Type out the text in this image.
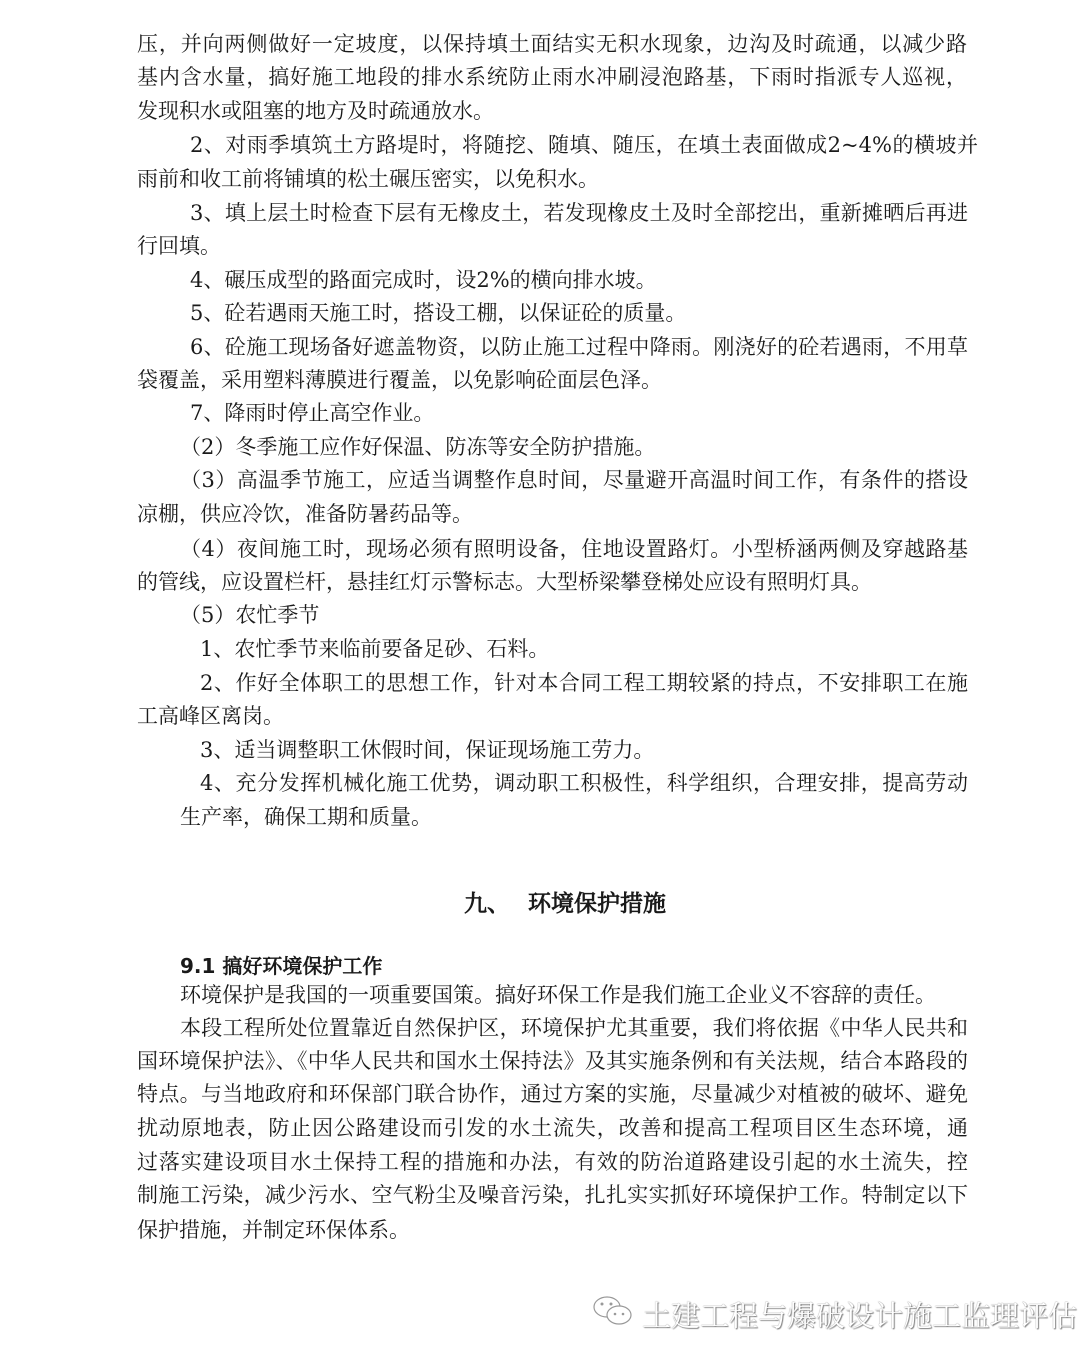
压，并向两侧做好一定坡度，以保持填土面结实无积水现象，边沟及时疏通，以减少路
基内含水量，搞好施工地段的排水系统防止雨水冲刷浸泡路基，下雨时指派专人巡视，
发现积水或阻塞的地方及时疏通放水。
2、对雨季填筑土方路堤时，将随挖、随填、随压，在填土表面做成2~4%的横坡并
雨前和收工前将铺填的松土碾压密实，以免积水。
3、填上层土时检查下层有无橡皮土，若发现橡皮土及时全部挖出，重新摊晒后再进
行回填。
4、碾压成型的路面完成时，设2%的横向排水坡。
5、砼若遇雨天施工时，搭设工棚，以保证砼的质量。
6、砼施工现场备好遮盖物资，以防止施工过程中降雨。刚浇好的砼若遇雨，不用草
袋覆盖，采用塑料薄膜进行覆盖，以免影响砼面层色泽。
7、降雨时停止高空作业。
（2）冬季施工应作好保温、防冻等安全防护措施。
（3）高温季节施工，应适当调整作息时间，尽量避开高温时间工作，有条件的搭设
凉棚，供应冷饮，准备防暑药品等。
（4）夜间施工时，现场必须有照明设备，住地设置路灯。小型桥涵两侧及穿越路基
的管线，应设置栏杆，悬挂红灯示警标志。大型桥梁攀登梯处应设有照明灯具。
（5）农忙季节
1、农忙季节来临前要备足砂、石料。
2、作好全体职工的思想工作，针对本合同工程工期较紧的持点，不安排职工在施
工高峰区离岗。
3、适当调整职工休假时间，保证现场施工劳力。
4、充分发挥机械化施工优势，调动职工积极性，科学组织，合理安排，提高劳动
生产率，确保工期和质量。
九、 环境保护措施
9.1 搞好环境保护工作
环境保护是我国的一项重要国策。搞好环保工作是我们施工企业义不容辞的责任。
本段工程所处位置靠近自然保护区，环境保护尤其重要，我们将依据《中华人民共和
国环境保护法》、《中华人民共和国水土保持法》及其实施条例和有关法规，结合本路段的
特点。与当地政府和环保部门联合协作，通过方案的实施，尽量减少对植被的破坏、避免
扰动原地表，防止因公路建设而引发的水土流失，改善和提高工程项目区生态环境，通
过落实建设项目水土保持工程的措施和办法，有效的防治道路建设引起的水土流失，控
制施工污染，减少污水、空气粉尘及噪音污染，扎扎实实抓好环境保护工作。特制定以下
保护措施，并制定环保体系。
土建工程与爆破设计施工监理评估
